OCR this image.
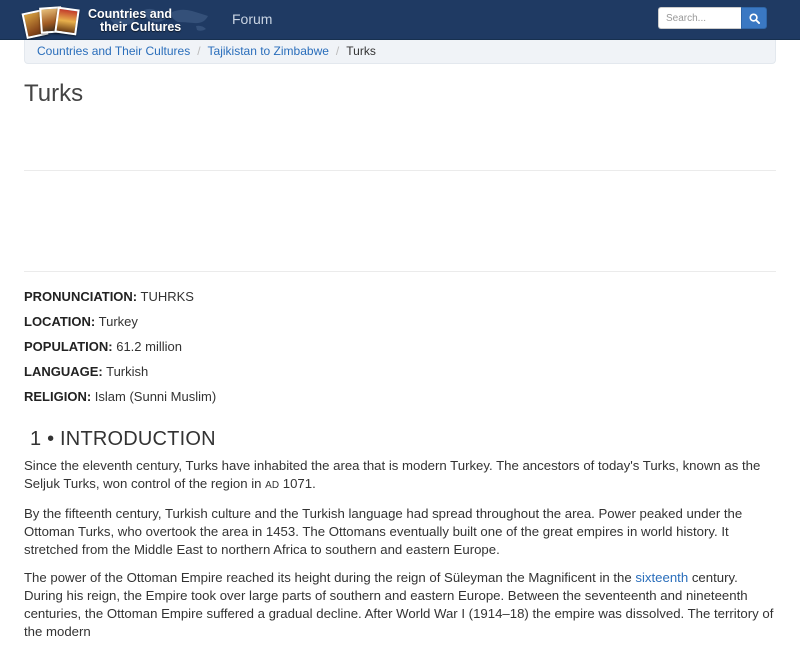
Countries and
their Cultures	Forum
Search...
Countries and Their Cultures / Tajikistan to Zimbabwe / Turks
Turks
PRONUNCIATION: TUHRKS
LOCATION: Turkey
POPULATION: 61.2 million
LANGUAGE: Turkish
RELIGION: Islam (Sunni Muslim)
1 • INTRODUCTION

Since the eleventh century, Turks have inhabited the area that is modern Turkey. The ancestors of today's Turks, known as the Seljuk Turks, won control of the region in AD 1071.

By the fifteenth century, Turkish culture and the Turkish language had spread throughout the area. Power peaked under the Ottoman Turks, who overtook the area in 1453. The Ottomans eventually built one of the great empires in world history. It stretched from the Middle East to northern Africa to southern and eastern Europe.

The power of the Ottoman Empire reached its height during the reign of Süleyman the Magnificent in the sixteenth century. During his reign, the Empire took over large parts of southern and eastern Europe. Between the seventeenth and nineteenth centuries, the Ottoman Empire suffered a gradual decline. After World War I (1914–18) the empire was dissolved. The territory of the modern
